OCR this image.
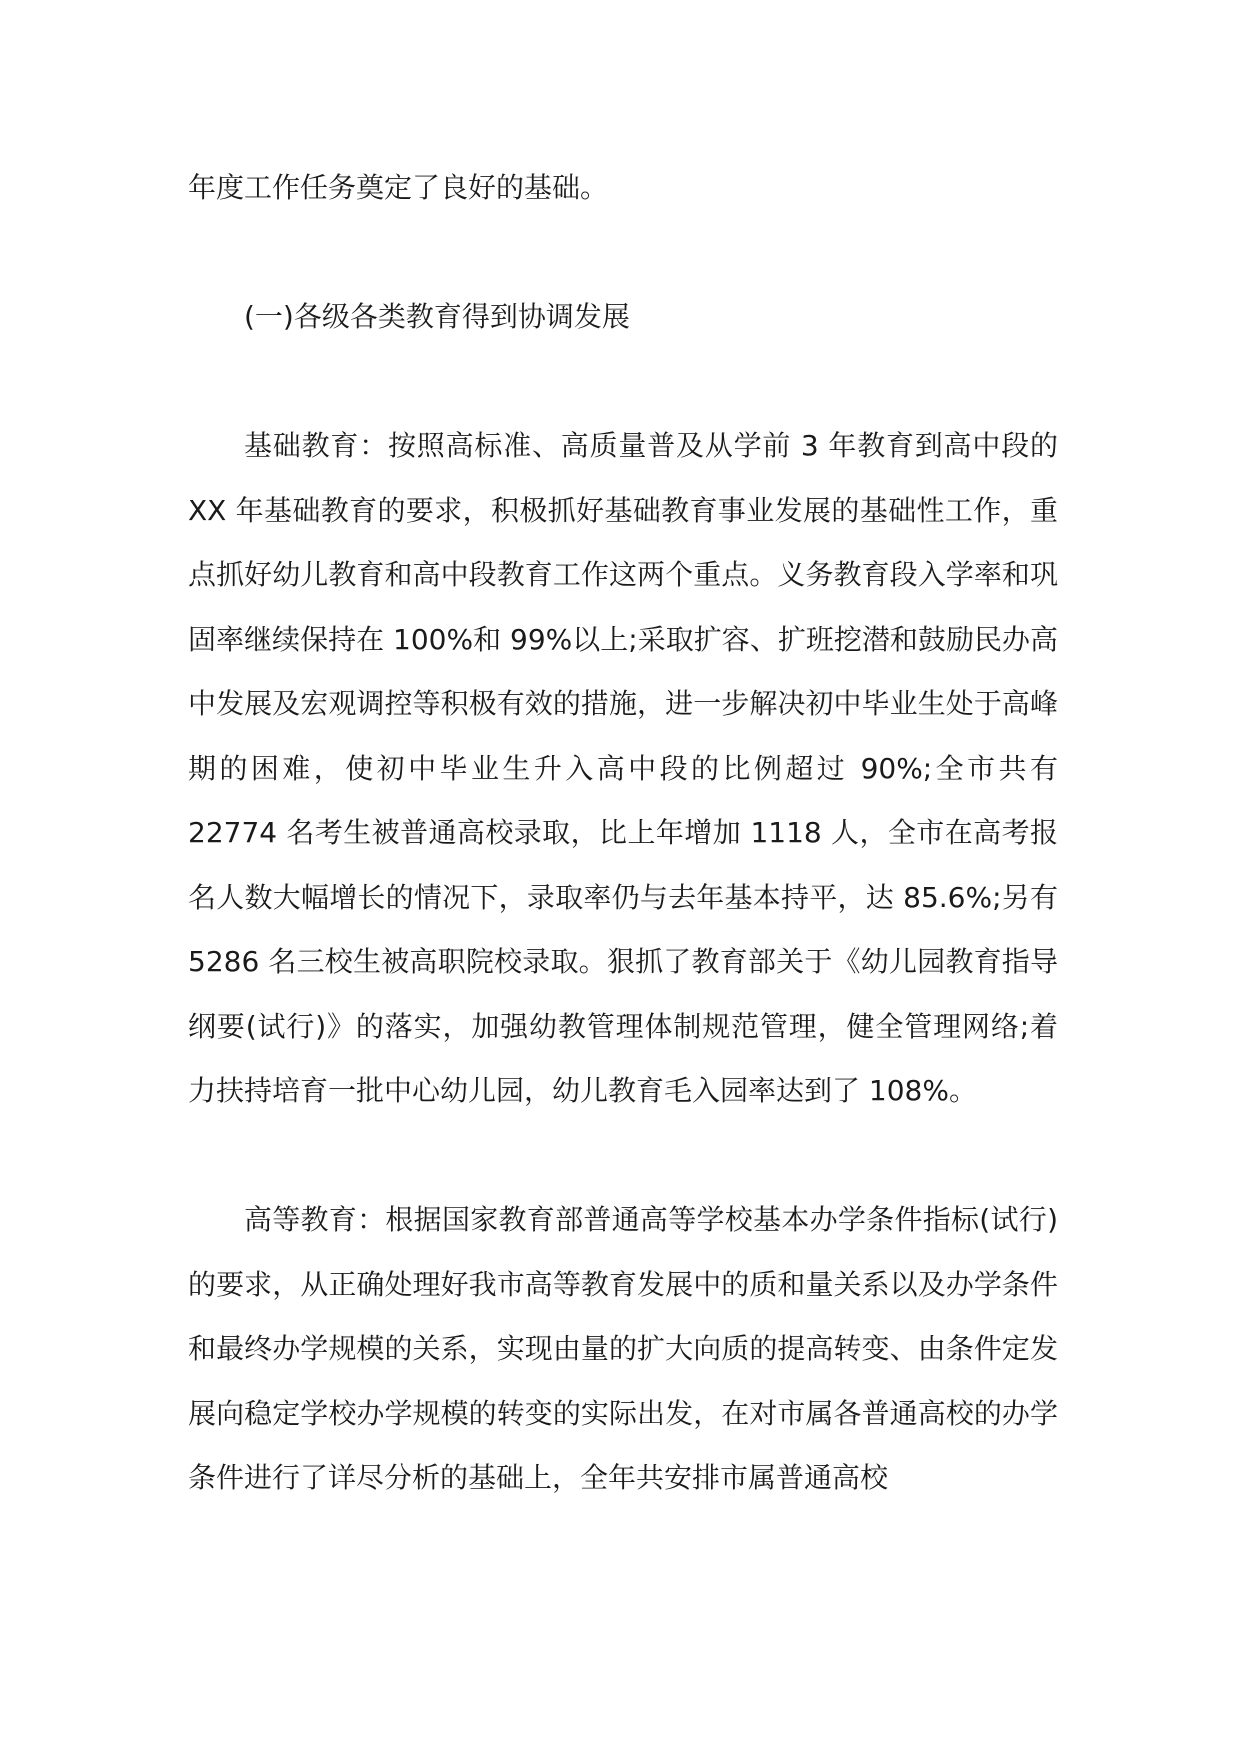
年度工作任务奠定了良好的基础。

(一)各级各类教育得到协调发展

基础教育：按照高标准、高质量普及从学前 3 年教育到高中段的 XX 年基础教育的要求，积极抓好基础教育事业发展的基础性工作，重点抓好幼儿教育和高中段教育工作这两个重点。义务教育段入学率和巩固率继续保持在 100%和 99%以上;采取扩容、扩班挖潜和鼓励民办高中发展及宏观调控等积极有效的措施，进一步解决初中毕业生处于高峰期的困难，使初中毕业生升入高中段的比例超过 90%;全市共有 22774 名考生被普通高校录取，比上年增加 1118 人，全市在高考报名人数大幅增长的情况下，录取率仍与去年基本持平，达 85.6%;另有 5286 名三校生被高职院校录取。狠抓了教育部关于《幼儿园教育指导纲要(试行)》的落实，加强幼教管理体制规范管理，健全管理网络;着力扶持培育一批中心幼儿园，幼儿教育毛入园率达到了 108%。

高等教育：根据国家教育部普通高等学校基本办学条件指标(试行)的要求，从正确处理好我市高等教育发展中的质和量关系以及办学条件和最终办学规模的关系，实现由量的扩大向质的提高转变、由条件定发展向稳定学校办学规模的转变的实际出发，在对市属各普通高校的办学条件进行了详尽分析的基础上，全年共安排市属普通高校
